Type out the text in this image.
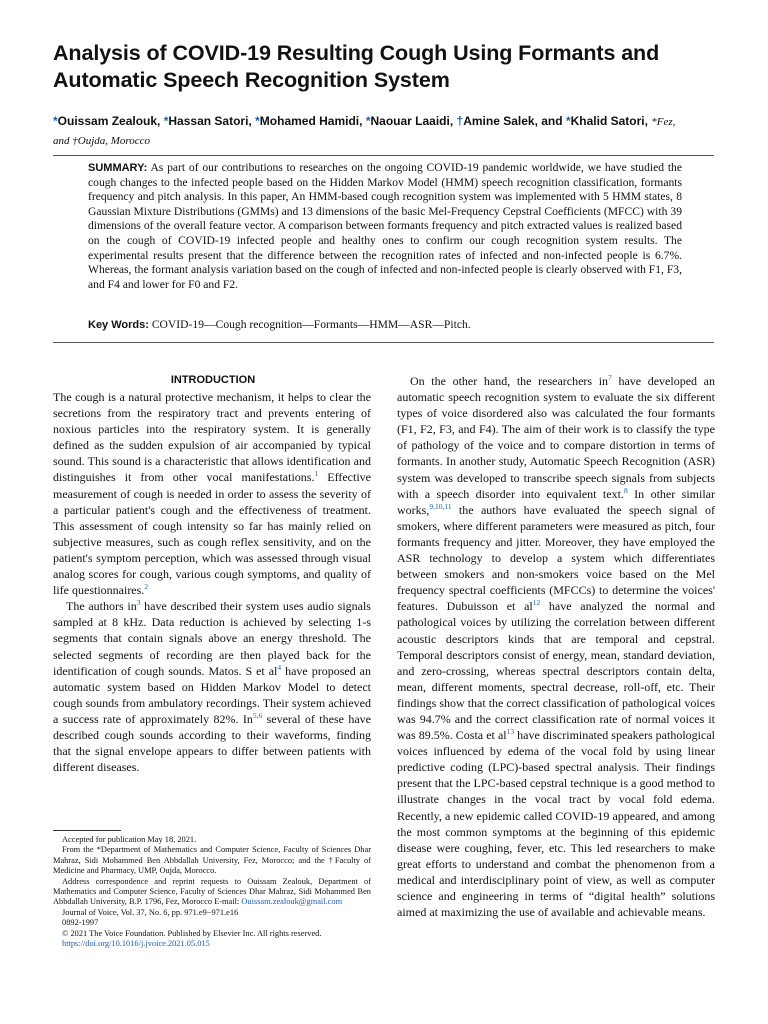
Analysis of COVID-19 Resulting Cough Using Formants and
Automatic Speech Recognition System
*Ouissam Zealouk, *Hassan Satori, *Mohamed Hamidi, *Naouar Laaidi, †Amine Salek, and *Khalid Satori, *Fez,
and †Oujda, Morocco
SUMMARY: As part of our contributions to researches on the ongoing COVID-19 pandemic worldwide, we have studied the cough changes to the infected people based on the Hidden Markov Model (HMM) speech recognition classification, formants frequency and pitch analysis. In this paper, An HMM-based cough recognition system was implemented with 5 HMM states, 8 Gaussian Mixture Distributions (GMMs) and 13 dimensions of the basic Mel-Frequency Cepstral Coefficients (MFCC) with 39 dimensions of the overall feature vector. A comparison between formants frequency and pitch extracted values is realized based on the cough of COVID-19 infected people and healthy ones to confirm our cough recognition system results. The experimental results present that the difference between the recognition rates of infected and non-infected people is 6.7%. Whereas, the formant analysis variation based on the cough of infected and non-infected people is clearly observed with F1, F3, and F4 and lower for F0 and F2.
Key Words: COVID-19—Cough recognition—Formants—HMM—ASR—Pitch.
INTRODUCTION

The cough is a natural protective mechanism, it helps to clear the secretions from the respiratory tract and prevents entering of noxious particles into the respiratory system. It is generally defined as the sudden expulsion of air accompanied by typical sound. This sound is a characteristic that allows identification and distinguishes it from other vocal manifestations.$^1$ Effective measurement of cough is needed in order to assess the severity of a particular patient's cough and the effectiveness of treatment. This assessment of cough intensity so far has mainly relied on subjective measures, such as cough reflex sensitivity, and on the patient's symptom perception, which was assessed through visual analog scores for cough, various cough symptoms, and quality of life questionnaires.$^2$

The authors in$^3$ have described their system uses audio signals sampled at 8 kHz. Data reduction is achieved by selecting 1-s segments that contain signals above an energy threshold. The selected segments of recording are then played back for the identification of cough sounds. Matos. S et al$^4$ have proposed an automatic system based on Hidden Markov Model to detect cough sounds from ambulatory recordings. Their system achieved a success rate of approximately 82%. In$^{5,6}$ several of these have described cough sounds according to their waveforms, finding that the signal envelope appears to differ between patients with different diseases.

On the other hand, the researchers in$^7$ have developed an automatic speech recognition system to evaluate the six different types of voice disordered also was calculated the four formants (F1, F2, F3, and F4). The aim of their work is to classify the type of pathology of the voice and to compare distortion in terms of formants. In another study, Automatic Speech Recognition (ASR) system was developed to transcribe speech signals from subjects with a speech disorder into equivalent text.$^8$ In other similar works,$^{9,10,11}$ the authors have evaluated the speech signal of smokers, where different parameters were measured as pitch, four formants frequency and jitter. Moreover, they have employed the ASR technology to develop a system which differentiates between smokers and non-smokers voice based on the Mel frequency spectral coefficients (MFCCs) to determine the voices' features. Dubuisson et al$^{12}$ have analyzed the normal and pathological voices by utilizing the correlation between different acoustic descriptors kinds that are temporal and cepstral. Temporal descriptors consist of energy, mean, standard deviation, and zero-crossing, whereas spectral descriptors contain delta, mean, different moments, spectral decrease, roll-off, etc. Their findings show that the correct classification of pathological voices was 94.7% and the correct classification rate of normal voices it was 89.5%. Costa et al$^{13}$ have discriminated speakers pathological voices influenced by edema of the vocal fold by using linear predictive coding (LPC)-based spectral analysis. Their findings present that the LPC-based cepstral technique is a good method to illustrate changes in the vocal tract by vocal fold edema. Recently, a new epidemic called COVID-19 appeared, and among the most common symptoms at the beginning of this epidemic disease were coughing, fever, etc. This led researchers to make great efforts to understand and combat the phenomenon from a medical and interdisciplinary point of view, as well as computer science and engineering in terms of “digital health” solutions aimed at maximizing the use of available and achievable means.

Accepted for publication May 18, 2021.

From the *Department of Mathematics and Computer Science, Faculty of Sciences Dhar Mahraz, Sidi Mohammed Ben Abbdallah University, Fez, Morocco; and the †Faculty of Medicine and Pharmacy, UMP, Oujda, Morocco.

Address correspondence and reprint requests to Ouissam Zealouk, Department of Mathematics and Computer Science, Faculty of Sciences Dhar Mahraz, Sidi Mohammed Ben Abbdallah University, B.P. 1796, Fez, Morocco E-mail: Ouissam.zealouk@gmail.com

Journal of Voice, Vol. 37, No. 6, pp. 971.e9−971.e16

0892-1997

© 2021 The Voice Foundation. Published by Elsevier Inc. All rights reserved.

https://doi.org/10.1016/j.jvoice.2021.05.015
